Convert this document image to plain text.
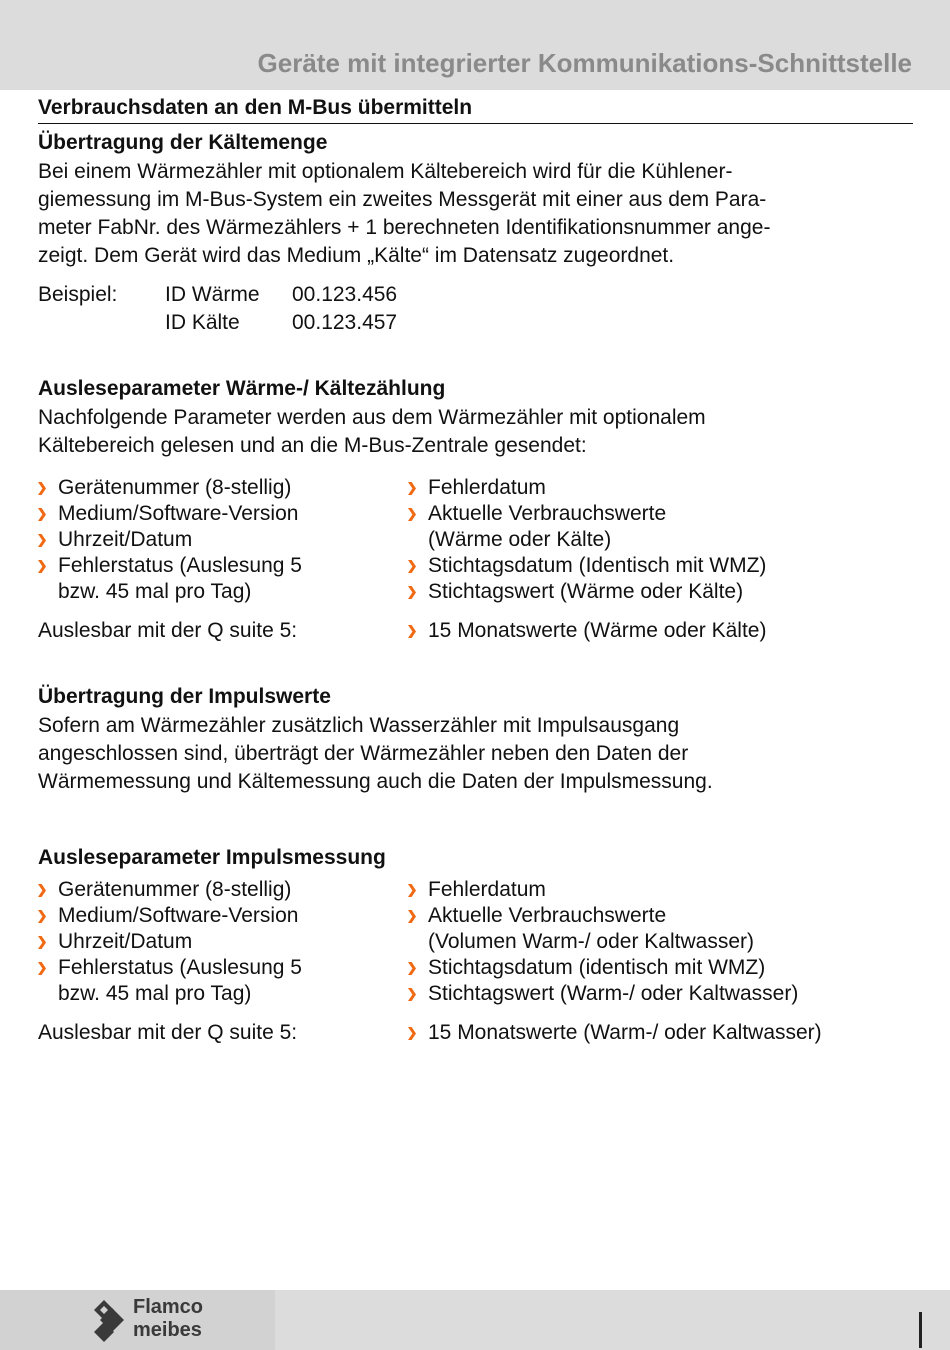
Geräte mit integrierter Kommunikations-Schnittstelle
Verbrauchsdaten an den M-Bus übermitteln
Übertragung der Kältemenge
Bei einem Wärmezähler mit optionalem Kältebereich wird für die Kühlener-
giemessung im M-Bus-System ein zweites Messgerät mit einer aus dem Para-
meter FabNr. des Wärmezählers + 1 berechneten Identifikationsnummer ange-
zeigt. Dem Gerät wird das Medium „Kälte“ im Datensatz zugeordnet.
Beispiel: ID Wärme 00.123.456
ID Kälte 00.123.457
Ausleseparameter Wärme-/ Kältezählung
Nachfolgende Parameter werden aus dem Wärmezähler mit optionalem
Kältebereich gelesen und an die M-Bus-Zentrale gesendet:
Gerätenummer (8-stellig)
Medium/Software-Version
Uhrzeit/Datum
Fehlerstatus (Auslesung 5
bzw. 45 mal pro Tag)
Fehlerdatum
Aktuelle Verbrauchswerte
(Wärme oder Kälte)
Stichtagsdatum (Identisch mit WMZ)
Stichtagswert (Wärme oder Kälte)
Auslesbar mit der Q suite 5:	15 Monatswerte (Wärme oder Kälte)
Übertragung der Impulswerte
Sofern am Wärmezähler zusätzlich Wasserzähler mit Impulsausgang
angeschlossen sind, überträgt der Wärmezähler neben den Daten der
Wärmemessung und Kältemessung auch die Daten der Impulsmessung.
Ausleseparameter Impulsmessung
Gerätenummer (8-stellig)
Medium/Software-Version
Uhrzeit/Datum
Fehlerstatus (Auslesung 5
bzw. 45 mal pro Tag)
Fehlerdatum
Aktuelle Verbrauchswerte
(Volumen Warm-/ oder Kaltwasser)
Stichtagsdatum (identisch mit WMZ)
Stichtagswert (Warm-/ oder Kaltwasser)
Auslesbar mit der Q suite 5:	15 Monatswerte (Warm-/ oder Kaltwasser)
Flamco
meibes
